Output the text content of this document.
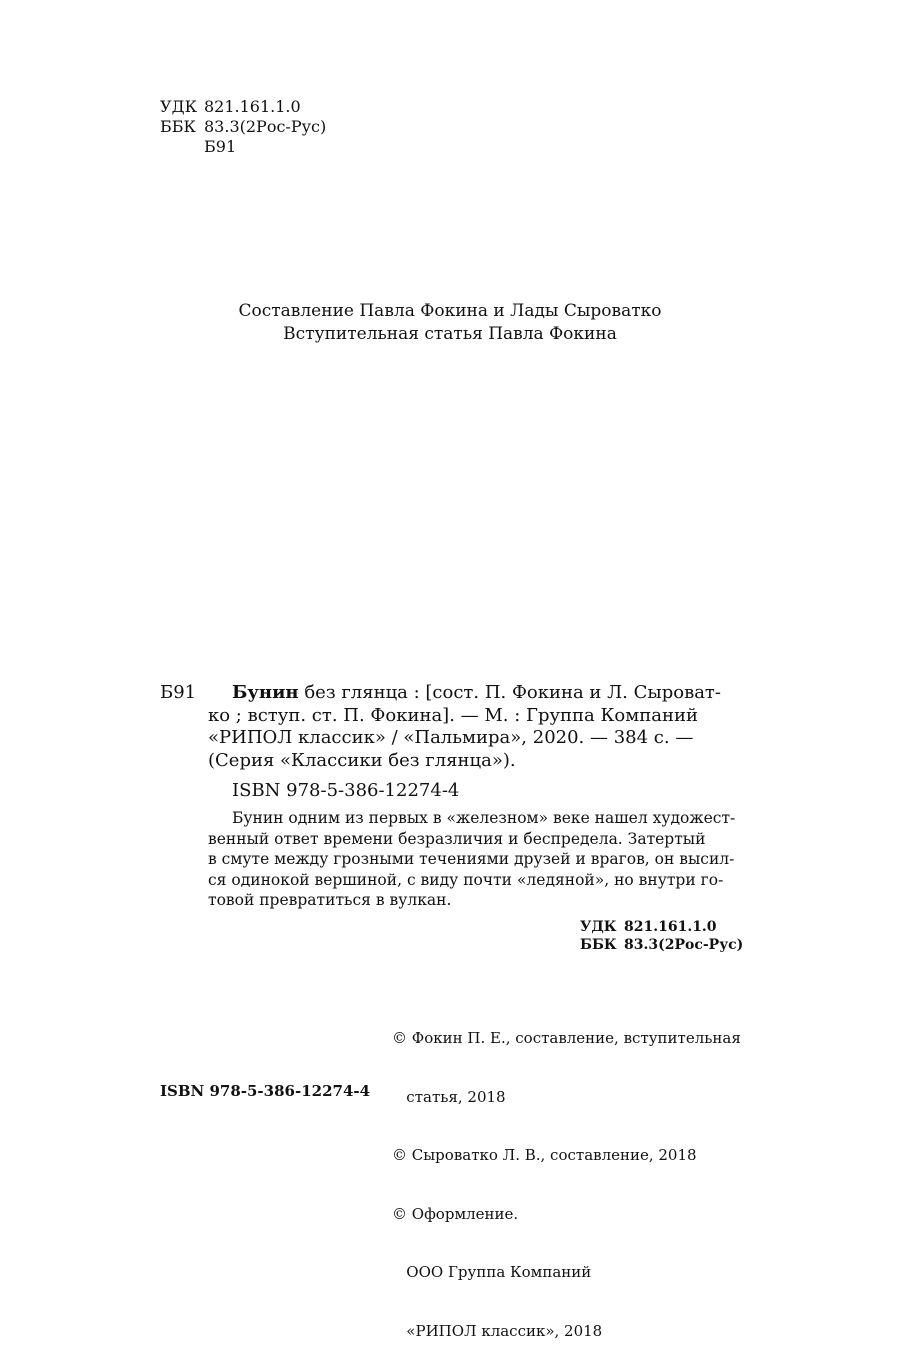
УДК 821.161.1.0
ББК 83.3(2Рос-Рус)
Б91
Составление Павла Фокина и Лады Сыроватко
Вступительная статья Павла Фокина
Б91 Бунин без глянца : [сост. П. Фокина и Л. Сыроват-
ко ; вступ. ст. П. Фокина]. — М. : Группа Компаний
«РИПОЛ классик» / «Пальмира», 2020. — 384 с. —
(Серия «Классики без глянца»).
ISBN 978-5-386-12274-4
Бунин одним из первых в «железном» веке нашел художест-
венный ответ времени безразличия и беспредела. Затертый
в смуте между грозными течениями друзей и врагов, он высил-
ся одинокой вершиной, с виду почти «ледяной», но внутри го-
товой превратиться в вулкан.
УДК 821.161.1.0
ББК 83.3(2Рос-Рус)

© Фокин П. Е., составление, вступительная

статья, 2018

© Сыроватко Л. В., составление, 2018

© Оформление.

ООО Группа Компаний

«РИПОЛ классик», 2018

ISBN 978-5-386-12274-4
